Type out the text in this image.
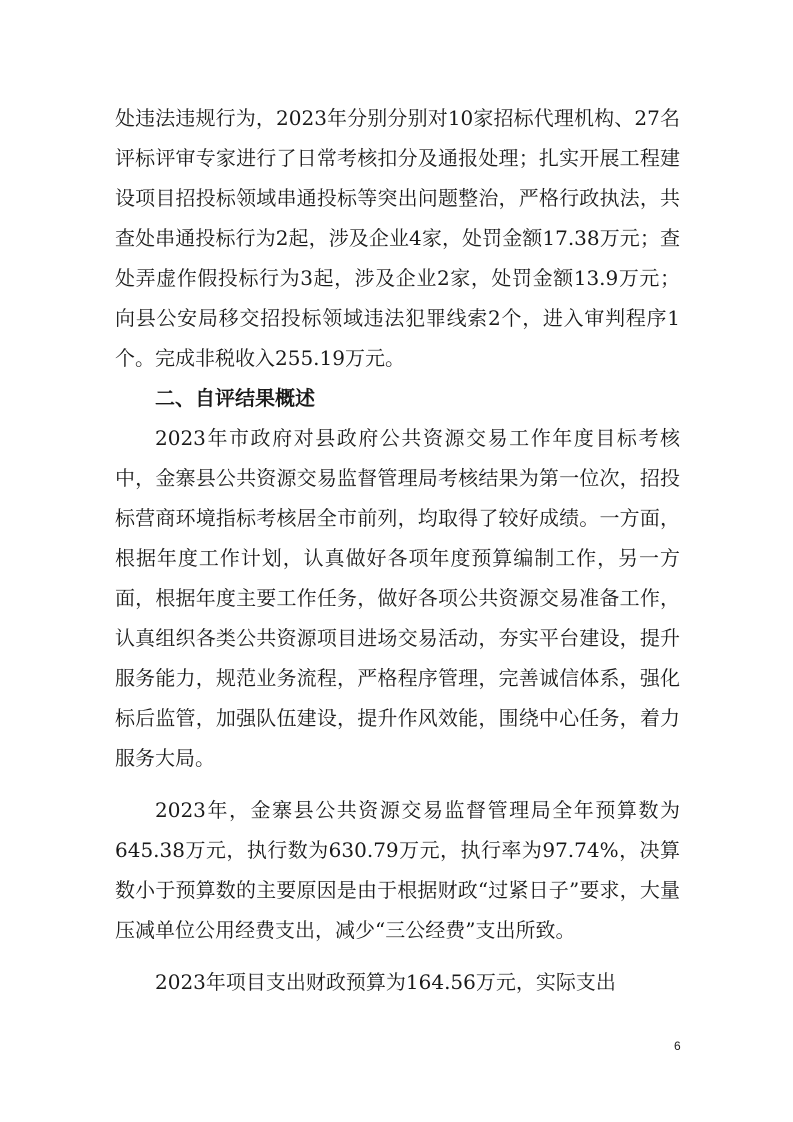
处违法违规行为，2023年分别分别对10家招标代理机构、27名评标评审专家进行了日常考核扣分及通报处理；扎实开展工程建设项目招投标领域串通投标等突出问题整治，严格行政执法，共查处串通投标行为2起，涉及企业4家，处罚金额17.38万元；查处弄虚作假投标行为3起，涉及企业2家，处罚金额13.9万元；向县公安局移交招投标领域违法犯罪线索2个，进入审判程序1个。完成非税收入255.19万元。

二、自评结果概述

2023年市政府对县政府公共资源交易工作年度目标考核中，金寨县公共资源交易监督管理局考核结果为第一位次，招投标营商环境指标考核居全市前列，均取得了较好成绩。一方面，根据年度工作计划，认真做好各项年度预算编制工作，另一方面，根据年度主要工作任务，做好各项公共资源交易准备工作，认真组织各类公共资源项目进场交易活动，夯实平台建设，提升服务能力，规范业务流程，严格程序管理，完善诚信体系，强化标后监管，加强队伍建设，提升作风效能，围绕中心任务，着力服务大局。

2023年，金寨县公共资源交易监督管理局全年预算数为645.38万元，执行数为630.79万元，执行率为97.74%，决算数小于预算数的主要原因是由于根据财政“过紧日子”要求，大量压减单位公用经费支出，减少“三公经费”支出所致。

2023年项目支出财政预算为164.56万元，实际支出

6
